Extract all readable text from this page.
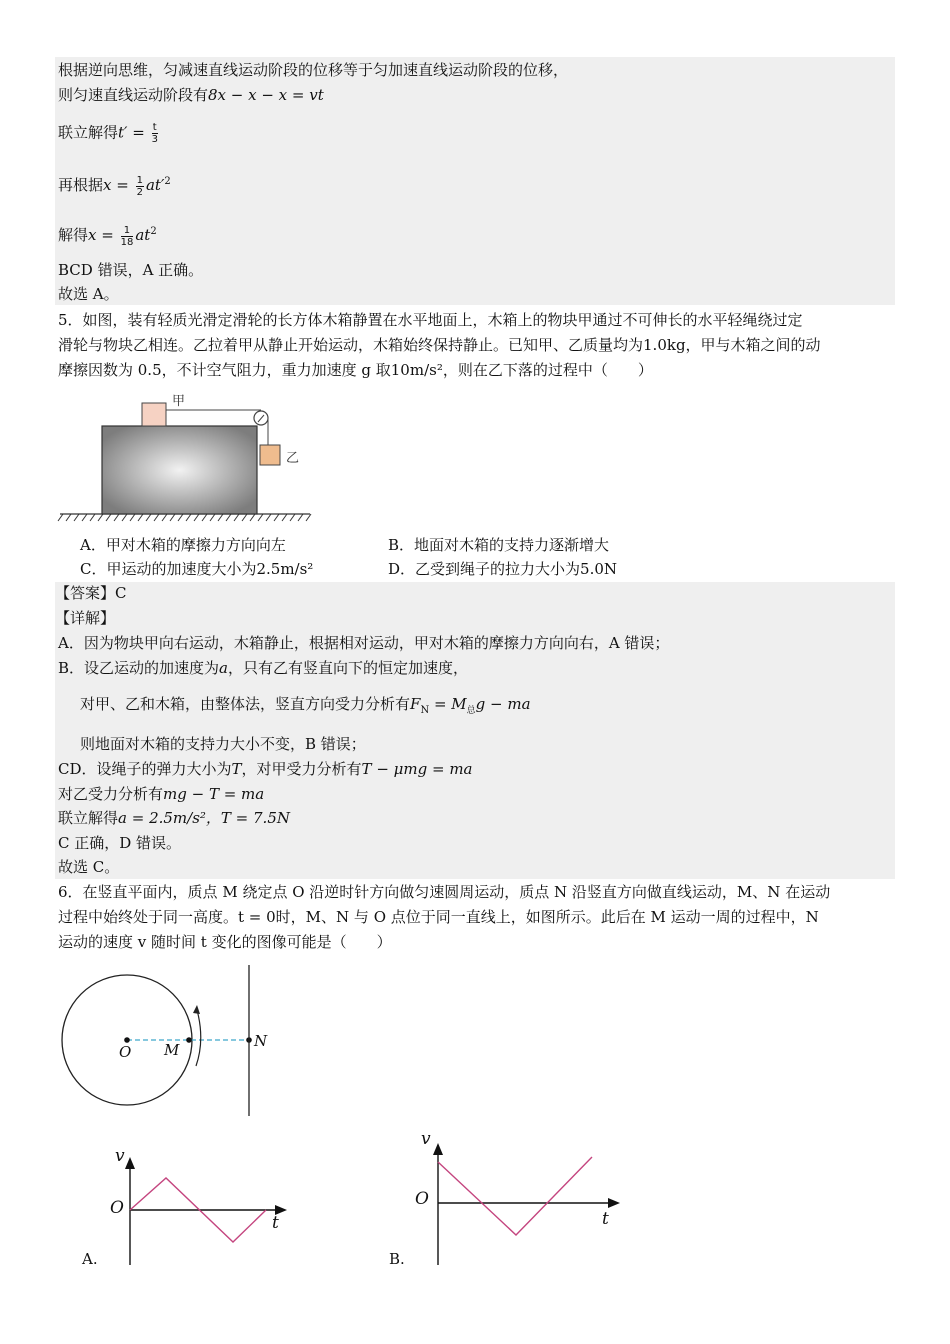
根据逆向思维，匀减速直线运动阶段的位移等于匀加速直线运动阶段的位移，
则匀速直线运动阶段有8x − x − x = vt
联立解得$t' = \frac{t}{3}$
再根据$x = \frac{1}{2} at'^2$
解得$x = \frac{1}{18} at^2$
BCD 错误，A 正确。
故选 A。
5．如图，装有轻质光滑定滑轮的长方体木箱静置在水平地面上，木箱上的物块甲通过不可伸长的水平轻绳绕过定
滑轮与物块乙相连。乙拉着甲从静止开始运动，木箱始终保持静止。已知甲、乙质量均为1.0kg，甲与木箱之间的动
摩擦因数为 0.5，不计空气阻力，重力加速度 g 取10m/s²，则在乙下落的过程中（　　）
甲
乙
A．甲对木箱的摩擦力方向向左	B．地面对木箱的支持力逐渐增大
C．甲运动的加速度大小为2.5m/s²	D．乙受到绳子的拉力大小为5.0N
【答案】C
【详解】
A．因为物块甲向右运动，木箱静止，根据相对运动，甲对木箱的摩擦力方向向右，A 错误；
B．设乙运动的加速度为a，只有乙有竖直向下的恒定加速度，
对甲、乙和木箱，由整体法，竖直方向受力分析有$F_N = M_总g$ − ma
则地面对木箱的支持力大小不变，B 错误；
CD．设绳子的弹力大小为T，对甲受力分析有T − μmg = ma
对乙受力分析有mg − T = ma
联立解得a = 2.5m/s²，T = 7.5N
C 正确，D 错误。
故选 C。
6．在竖直平面内，质点 M 绕定点 O 沿逆时针方向做匀速圆周运动，质点 N 沿竖直方向做直线运动，M、N 在运动
过程中始终处于同一高度。t = 0时，M、N 与 O 点位于同一直线上，如图所示。此后在 M 运动一周的过程中，N
运动的速度 v 随时间 t 变化的图像可能是（　　）
O M	N
v
O
t
A.
v
O
t
B.
